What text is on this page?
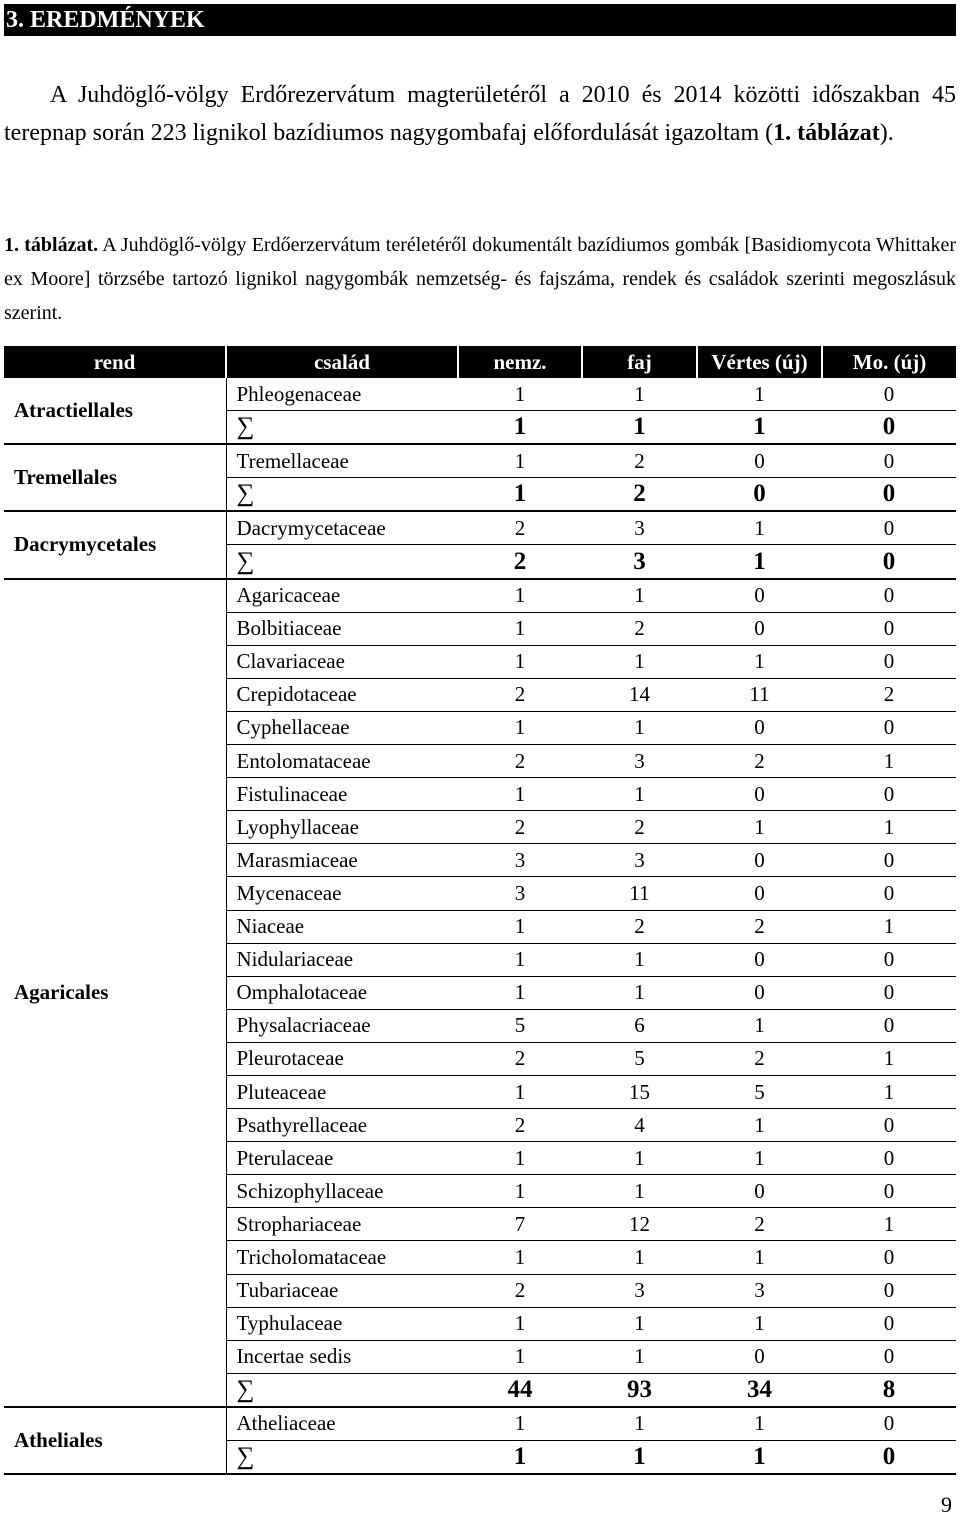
3. EREDMÉNYEK

A Juhdöglő-völgy Erdőrezervátum magterületéről a 2010 és 2014 közötti időszakban 45 terepnap során 223 lignikol bazídiumos nagygombafaj előfordulását igazoltam (1. táblázat).

1. táblázat. A Juhdöglő-völgy Erdőerzervátum teréletéről dokumentált bazídiumos gombák [Basidiomycota Whittaker ex Moore] törzsébe tartozó lignikol nagygombák nemzetség- és fajszáma, rendek és családok szerinti megoszlásuk szerint.

rend	család	nemz.	faj	Vértes (új)	Mo. (új)
Atractiellales	Phleogenaceae	1	1	1	0
	∑	1	1	1	0
Tremellales	Tremellaceae	1	2	0	0
	∑	1	2	0	0
Dacrymycetales	Dacrymycetaceae	2	3	1	0
	∑	2	3	1	0
Agaricales	Agaricaceae	1	1	0	0
	Bolbitiaceae	1	2	0	0
	Clavariaceae	1	1	1	0
	Crepidotaceae	2	14	11	2
	Cyphellaceae	1	1	0	0
	Entolomataceae	2	3	2	1
	Fistulinaceae	1	1	0	0
	Lyophyllaceae	2	2	1	1
	Marasmiaceae	3	3	0	0
	Mycenaceae	3	11	0	0
	Niaceae	1	2	2	1
	Nidulariaceae	1	1	0	0
	Omphalotaceae	1	1	0	0
	Physalacriaceae	5	6	1	0
	Pleurotaceae	2	5	2	1
	Pluteaceae	1	15	5	1
	Psathyrellaceae	2	4	1	0
	Pterulaceae	1	1	1	0
	Schizophyllaceae	1	1	0	0
	Strophariaceae	7	12	2	1
	Tricholomataceae	1	1	1	0
	Tubariaceae	2	3	3	0
	Typhulaceae	1	1	1	0
	Incertae sedis	1	1	0	0
	∑	44	93	34	8
Atheliales	Atheliaceae	1	1	1	0
	∑	1	1	1	0
9
